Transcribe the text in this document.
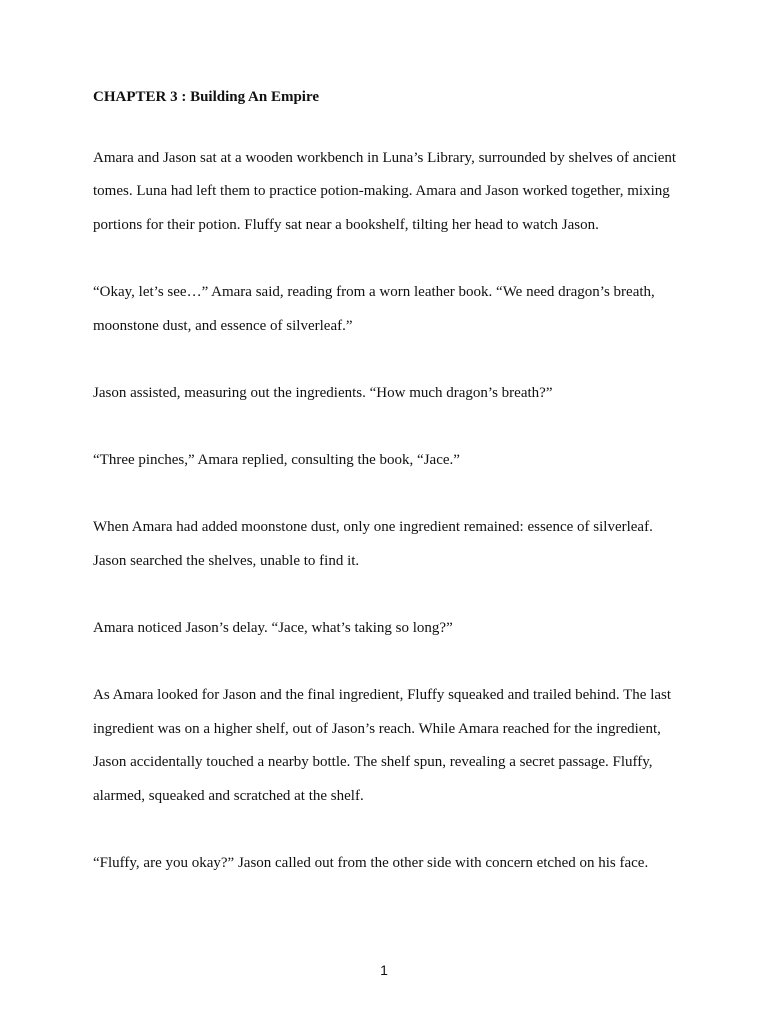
CHAPTER 3 : Building An Empire

Amara and Jason sat at a wooden workbench in Luna’s Library, surrounded by shelves of ancient tomes. Luna had left them to practice potion-making. Amara and Jason worked together, mixing portions for their potion. Fluffy sat near a bookshelf, tilting her head to watch Jason.

“Okay, let’s see…” Amara said, reading from a worn leather book. “We need dragon’s breath, moonstone dust, and essence of silverleaf.”

Jason assisted, measuring out the ingredients. “How much dragon’s breath?”

“Three pinches,” Amara replied, consulting the book, “Jace.”

When Amara had added moonstone dust, only one ingredient remained: essence of silverleaf. Jason searched the shelves, unable to find it.

Amara noticed Jason’s delay. “Jace, what’s taking so long?”

As Amara looked for Jason and the final ingredient, Fluffy squeaked and trailed behind. The last ingredient was on a higher shelf, out of Jason’s reach. While Amara reached for the ingredient, Jason accidentally touched a nearby bottle. The shelf spun, revealing a secret passage. Fluffy, alarmed, squeaked and scratched at the shelf.

“Fluffy, are you okay?” Jason called out from the other side with concern etched on his face.

1
